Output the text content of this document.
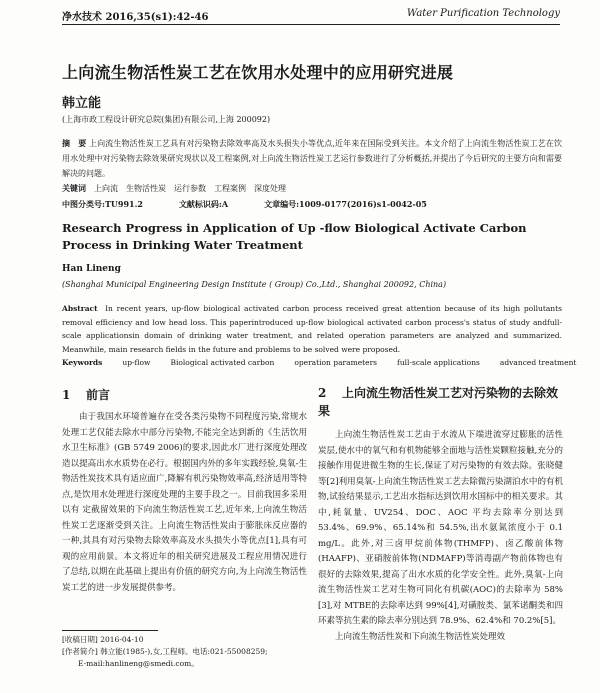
净水技术 2016,35(s1):42-46	Water Purification Technology
上向流生物活性炭工艺在饮用水处理中的应用研究进展
韩立能
(上海市政工程设计研究总院(集团)有限公司,上海 200092)
摘　要 上向流生物活性炭工艺具有对污染物去除效率高及水头损失小等优点,近年来在国际受到关注。本文介绍了上向流生物活性炭工艺在饮用水处理中对污染物去除效果研究现状以及工程案例,对上向流生物活性炭工艺运行参数进行了分析概括,并提出了今后研究的主要方向和需要解决的问题。
关键词 上向流 生物活性炭 运行参数 工程案例 深度处理
中图分类号:TU991.2	文献标识码:A	文章编号:1009-0177(2016)s1-0042-05
Research Progress in Application of Up -flow Biological Activate Carbon Process in Drinking Water Treatment
Han Lineng
(Shanghai Municipal Engineering Design Institute ( Group) Co.,Ltd., Shanghai 200092, China)
Abstract In recent years, up-flow biological activated carbon process received great attention because of its high pollutants removal efficiency and low head loss. This paperintroduced up-flow biological activated carbon process's status of study andfull-scale applicationsin domain of drinking water treatment, and related operation parameters are analyzed and summarized. Meanwhile, main research fields in the future and problems to be solved were proposed.
Keywords	up-flow	Biological activated carbon	operation parameters	full-scale applications	advanced treatment
1 前言

由于我国水环境普遍存在受各类污染物不同程度污染,常规水处理工艺仅能去除水中部分污染物,不能完全达到新的《生活饮用水卫生标准》(GB 5749 2006)的要求,因此水厂进行深度处理改造以提高出水水质势在必行。根据国内外的多年实践经验,臭氧-生物活性炭技术具有适应面广,降解有机污染物效率高,经济适用等特点,是饮用水处理进行深度处理的主要手段之一。目前我国多采用以有 定截留效果的下向流生物活性炭工艺,近年来,上向流生物活性炭工艺逐渐受到关注。上向流生物活性炭由于膨胀床反应器的一种,其具有对污染物去除效率高及水头损失小等优点[1],具有可观的应用前景。本文将近年的相关研究进展及工程应用情况进行了总结,以期在此基础上提出有价值的研究方向,为上向流生物活性炭工艺的进一步发展提供参考。

[收稿日期] 2016-04-10
[作者简介] 韩立能(1985-),女,工程师。电话:021-55008259;
E-mail:hanlineng@smedi.com。
2 上向流生物活性炭工艺对污染物的去除效果

上向流生物活性炭工艺由于水流从下端进流穿过膨胀的活性炭层,使水中的氧气和有机物能够全面地与活性炭颗粒接触,充分的接触作用促进微生物的生长,保证了对污染物的有效去除。张晓健等[2]利用臭氧-上向流生物活性炭工艺去除微污染湖泊水中的有机物,试验结果显示,工艺出水指标达到饮用水国标中的相关要求。其中,耗氧量、UV254、DOC、AOC 平均去除率分别达到 53.4%、69.9%、65.14%和 54.5%,出水氨氮浓度小于 0.1 mg/L。此外,对三卤甲烷前体物(THMFP)、卤乙酸前体物(HAAFP)、亚硝胺前体物(NDMAFP)等消毒副产物前体物也有很好的去除效果,提高了出水水质的化学安全性。此外,臭氧-上向流生物活性炭工艺对生物可同化有机碳(AOC)的去除率为 58%[3],对 MTBE的去除率达到 99%[4],对磺胺类、氯苯诺酮类和四环素等抗生素的除去率分别达到 78.9%、62.4%和 70.2%[5]。

上向流生物活性炭和下向流生物活性炭处理效
